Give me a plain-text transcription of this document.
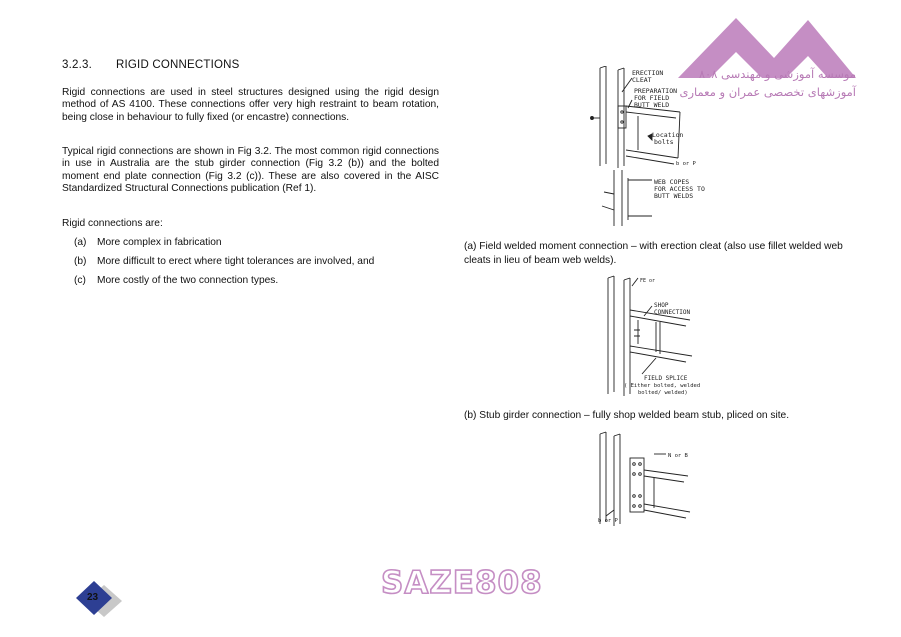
3.2.3. RIGID CONNECTIONS
Rigid connections are used in steel structures designed using the rigid design method of AS 4100. These connections offer very high restraint to beam rotation, being close in behaviour to fully fixed (or encastre) connections.
Typical rigid connections are shown in Fig 3.2. The most common rigid connections in use in Australia are the stub girder connection (Fig 3.2 (b)) and the bolted moment end plate connection (Fig 3.2 (c)). These are also covered in the AISC Standardized Structural Connections publication (Ref 1).
Rigid connections are:
(a) More complex in fabrication
(b) More difficult to erect where tight tolerances are involved, and
(c) More costly of the two connection types.
موسسه آموزشی و مهندسی ۸۰۸
آموزشهای تخصصی عمران و معماری
ERECTION
CLEAT
PREPARATION
FOR FIELD
BUTT WELD
Location
bolts
WEB COPES
FOR ACCESS TO
BUTT WELDS
b or P
(a) Field welded moment connection – with erection cleat (also use fillet welded web cleats in lieu of beam web welds).
FE or
SHOP
CONNECTION
FIELD SPLICE
( Either bolted, welded
bolted/ welded)
(b) Stub girder connection – fully shop welded beam stub, pliced on site.
N or B
b or P
SAZE808
23
